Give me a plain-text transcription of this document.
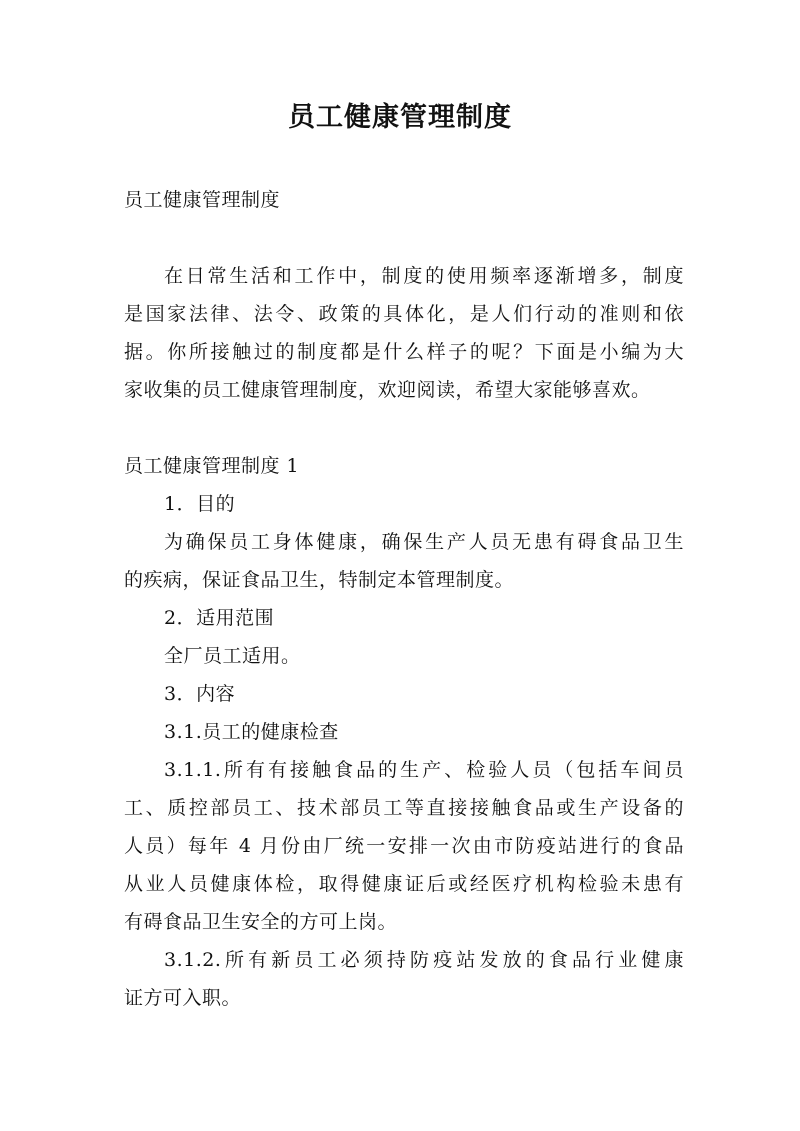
员工健康管理制度
员工健康管理制度
在日常生活和工作中，制度的使用频率逐渐增多，制度
是国家法律、法令、政策的具体化，是人们行动的准则和依
据。你所接触过的制度都是什么样子的呢？下面是小编为大
家收集的员工健康管理制度，欢迎阅读，希望大家能够喜欢。
员工健康管理制度 1
1．目的
为确保员工身体健康，确保生产人员无患有碍食品卫生
的疾病，保证食品卫生，特制定本管理制度。
2．适用范围
全厂员工适用。
3．内容
3.1.员工的健康检查
3.1.1.所有有接触食品的生产、检验人员（包括车间员
工、质控部员工、技术部员工等直接接触食品或生产设备的
人员）每年 4 月份由厂统一安排一次由市防疫站进行的食品
从业人员健康体检，取得健康证后或经医疗机构检验未患有
有碍食品卫生安全的方可上岗。
3.1.2.所有新员工必须持防疫站发放的食品行业健康
证方可入职。
